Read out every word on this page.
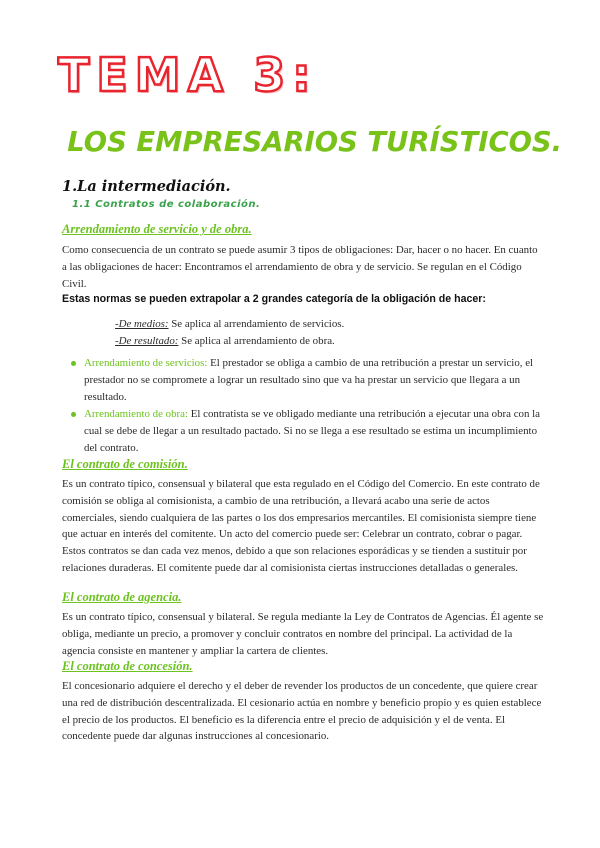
TEMA 3:
LOS EMPRESARIOS TURÍSTICOS.
1.La intermediación.
1.1 Contratos de colaboración.
Arrendamiento de servicio y de obra.

Como consecuencia de un contrato se puede asumir 3 tipos de obligaciones: Dar, hacer o no hacer. En cuanto a las obligaciones de hacer: Encontramos el arrendamiento de obra y de servicio. Se regulan en el Código Civil.

Estas normas se pueden extrapolar a 2 grandes categoría de la obligación de hacer:

-De medios: Se aplica al arrendamiento de servicios.

-De resultado: Se aplica al arrendamiento de obra.

Arrendamiento de servicios: El prestador se obliga a cambio de una retribución a prestar un servicio, el prestador no se compromete a lograr un resultado sino que va ha prestar un servicio que llegara a un resultado.
Arrendamiento de obra: El contratista se ve obligado mediante una retribución a ejecutar una obra con la cual se debe de llegar a un resultado pactado. Si no se llega a ese resultado se estima un incumplimiento del contrato.
El contrato de comisión.

Es un contrato típico, consensual y bilateral que esta regulado en el Código del Comercio. En este contrato de comisión se obliga al comisionista, a cambio de una retribución, a llevará acabo una serie de actos comerciales, siendo cualquiera de las partes o los dos empresarios mercantiles. El comisionista siempre tiene que actuar en interés del comitente. Un acto del comercio puede ser: Celebrar un contrato, cobrar o pagar. Estos contratos se dan cada vez menos, debido a que son relaciones esporádicas y se tienden a sustituir por relaciones duraderas. El comitente puede dar al comisionista ciertas instrucciones detalladas o generales.

El contrato de agencia.

Es un contrato típico, consensual y bilateral. Se regula mediante la Ley de Contratos de Agencias. Él agente se obliga, mediante un precio, a promover y concluir contratos en nombre del principal. La actividad de la agencia consiste en mantener y ampliar la cartera de clientes.

El contrato de concesión.

El concesionario adquiere el derecho y el deber de revender los productos de un concedente, que quiere crear una red de distribución descentralizada. El cesionario actúa en nombre y beneficio propio y es quien establece el precio de los productos. El beneficio es la diferencia entre el precio de adquisición y el de venta. El concedente puede dar algunas instrucciones al concesionario.
